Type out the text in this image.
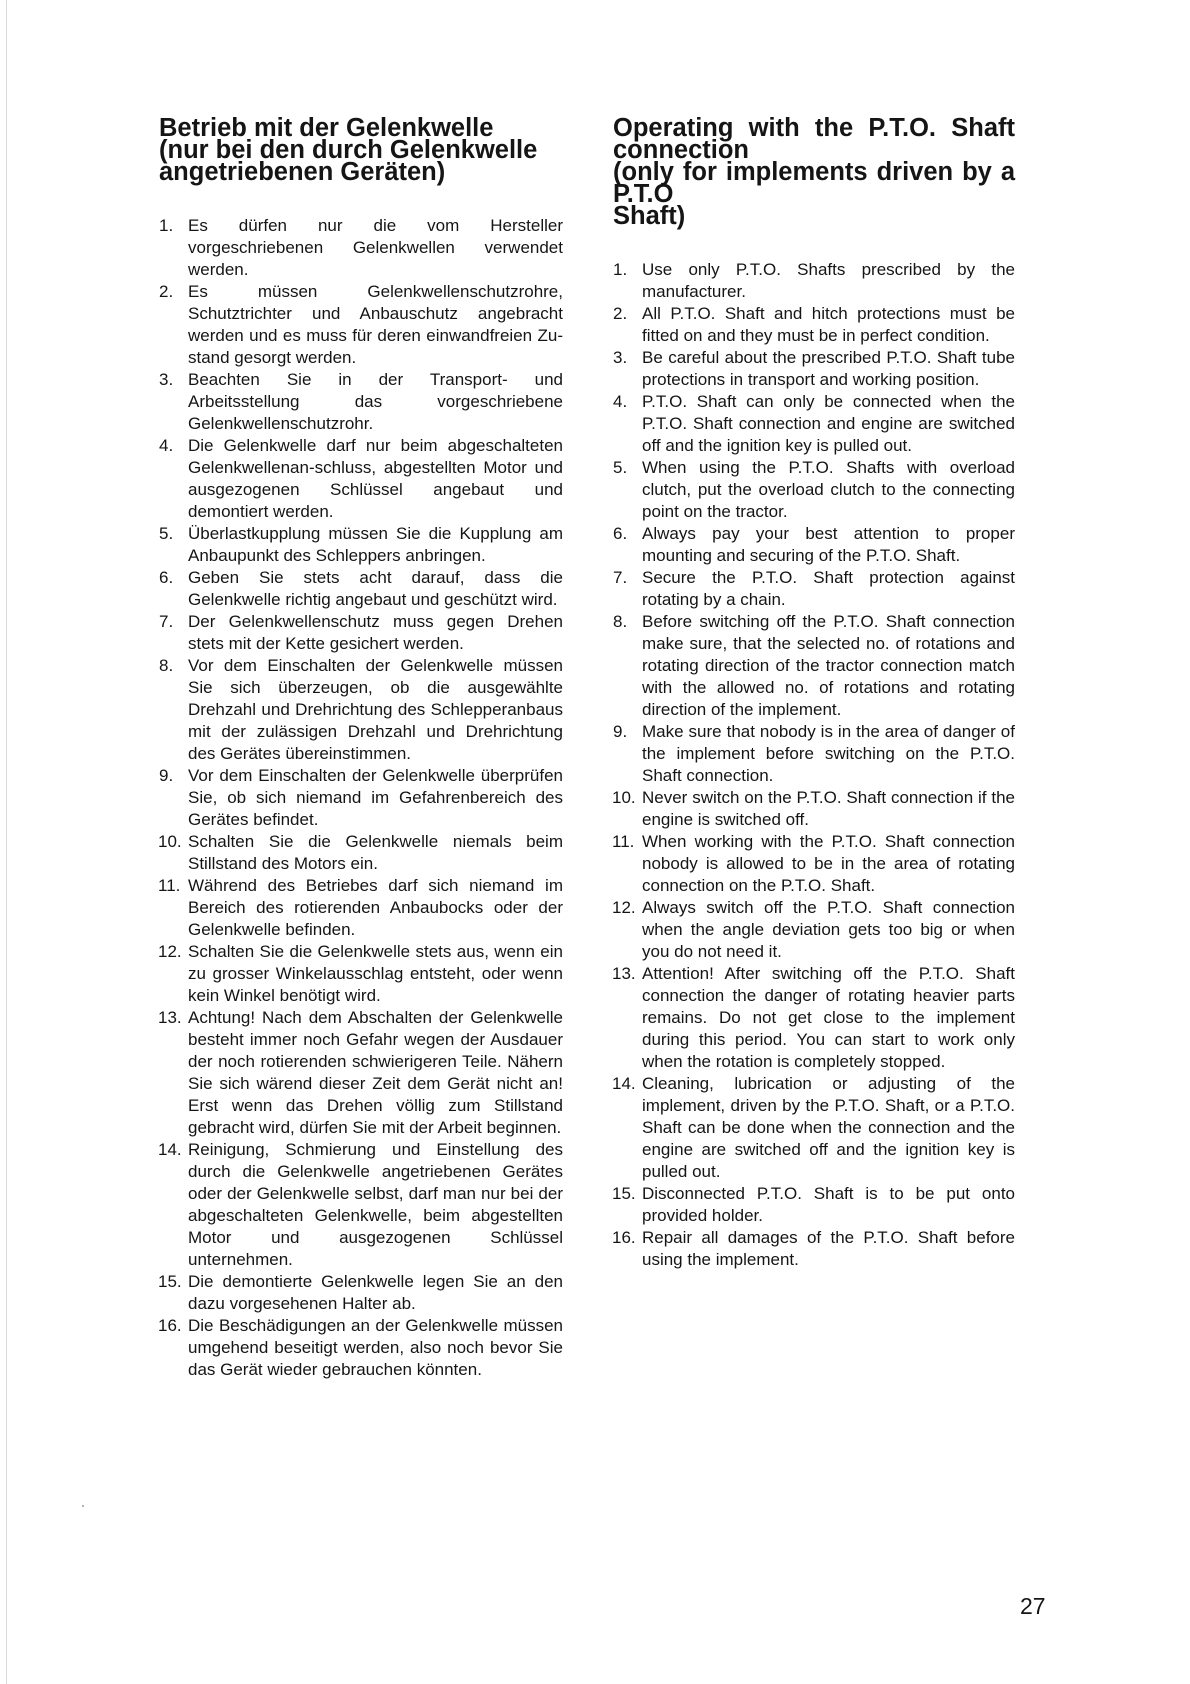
Betrieb mit der Gelenkwelle
(nur bei den durch Gelenkwelle
angetriebenen Geräten)
1. Es dürfen nur die vom Hersteller vorgeschriebenen Gelenkwellen verwendet werden.
2. Es müssen Gelenkwellenschutzrohre, Schutztrichter und Anbauschutz angebracht werden und es muss für deren einwandfreien Zu- stand gesorgt werden.
3. Beachten Sie in der Transport- und Arbeitsstellung das vorgeschriebene Gelenkwellenschutzrohr.
4. Die Gelenkwelle darf nur beim abgeschalteten Gelenkwellenan-schluss, abgestellten Motor und ausgezogenen Schlüssel angebaut und demontiert werden.
5. Überlastkupplung müssen Sie die Kupplung am Anbaupunkt des Schleppers anbringen.
6. Geben Sie stets acht darauf, dass die Gelenkwelle richtig angebaut und geschützt wird.
7. Der Gelenkwellenschutz muss gegen Drehen stets mit der Kette gesichert werden.
8. Vor dem Einschalten der Gelenkwelle müssen Sie sich überzeugen, ob die ausgewählte Drehzahl und Drehrichtung des Schlepperanbaus mit der zulässigen Drehzahl und Drehrichtung des Gerätes übereinstimmen.
9. Vor dem Einschalten der Gelenkwelle überprüfen Sie, ob sich niemand im Gefahrenbereich des Gerätes befindet.
10. Schalten Sie die Gelenkwelle niemals beim Stillstand des Motors ein.
11. Während des Betriebes darf sich niemand im Bereich des rotierenden Anbaubocks oder der Gelenkwelle befinden.
12. Schalten Sie die Gelenkwelle stets aus, wenn ein zu grosser Winkelausschlag entsteht, oder wenn kein Winkel benötigt wird.
13. Achtung! Nach dem Abschalten der Gelenkwelle besteht immer noch Gefahr wegen der Ausdauer der noch rotierenden schwierigeren Teile. Nähern Sie sich wärend dieser Zeit dem Gerät nicht an! Erst wenn das Drehen völlig zum Stillstand gebracht wird, dürfen Sie mit der Arbeit beginnen.
14. Reinigung, Schmierung und Einstellung des durch die Gelenkwelle angetriebenen Gerätes oder der Gelenkwelle selbst, darf man nur bei der abgeschalteten Gelenkwelle, beim abgestellten Motor und ausgezogenen Schlüssel unternehmen.
15. Die demontierte Gelenkwelle legen Sie an den dazu vorgesehenen Halter ab.
16. Die Beschädigungen an der Gelenkwelle müssen umgehend beseitigt werden, also noch bevor Sie das Gerät wieder gebrauchen könnten.
Operating with the P.T.O. Shaft connection
(only for implements driven by a P.T.O
Shaft)
1. Use only P.T.O. Shafts prescribed by the manufacturer.
2. All P.T.O. Shaft and hitch protections must be fitted on and they must be in perfect condition.
3. Be careful about the prescribed P.T.O. Shaft tube protections in transport and working position.
4. P.T.O. Shaft can only be connected when the P.T.O. Shaft connection and engine are switched off and the ignition key is pulled out.
5. When using the P.T.O. Shafts with overload clutch, put the overload clutch to the connecting point on the tractor.
6. Always pay your best attention to proper mounting and securing of the P.T.O. Shaft.
7. Secure the P.T.O. Shaft protection against rotating by a chain.
8. Before switching off the P.T.O. Shaft connection make sure, that the selected no. of rotations and rotating direction of the tractor connection match with the allowed no. of rotations and rotating direction of the implement.
9. Make sure that nobody is in the area of danger of the implement before switching on the P.T.O. Shaft connection.
10. Never switch on the P.T.O. Shaft connection if the engine is switched off.
11. When working with the P.T.O. Shaft connection nobody is allowed to be in the area of rotating connection on the P.T.O. Shaft.
12. Always switch off the P.T.O. Shaft connection when the angle deviation gets too big or when you do not need it.
13. Attention! After switching off the P.T.O. Shaft connection the danger of rotating heavier parts remains. Do not get close to the implement during this period. You can start to work only when the rotation is completely stopped.
14. Cleaning, lubrication or adjusting of the implement, driven by the P.T.O. Shaft, or a P.T.O. Shaft can be done when the connection and the engine are switched off and the ignition key is pulled out.
15. Disconnected P.T.O. Shaft is to be put onto provided holder.
16. Repair all damages of the P.T.O. Shaft before using the implement.
27
